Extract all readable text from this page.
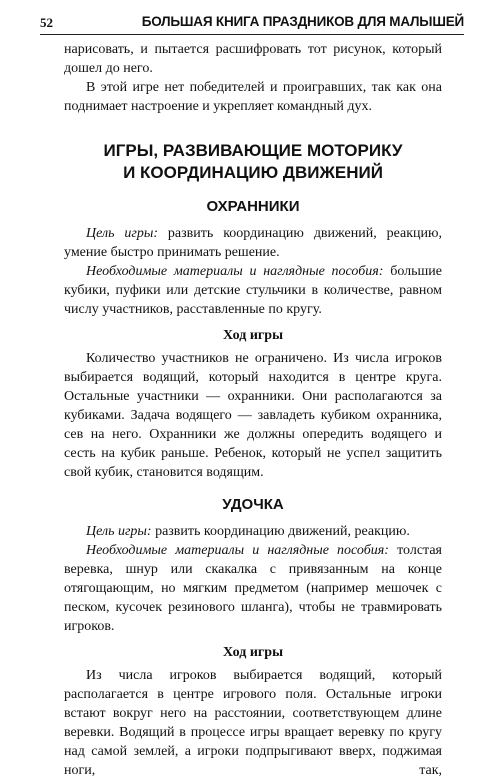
52	БОЛЬШАЯ КНИГА ПРАЗДНИКОВ ДЛЯ МАЛЫШЕЙ

нарисовать, и пытается расшифровать тот рисунок, который дошел до него.

В этой игре нет победителей и проигравших, так как она поднимает настроение и укрепляет командный дух.

ИГРЫ, РАЗВИВАЮЩИЕ МОТОРИКУ
И КООРДИНАЦИЮ ДВИЖЕНИЙ
ОХРАННИКИ

Цель игры: развить координацию движений, реакцию, умение быстро принимать решение.

Необходимые материалы и наглядные пособия: большие кубики, пуфики или детские стульчики в количестве, равном числу участников, расставленные по кругу.

Ход игры

Количество участников не ограничено. Из числа игроков выбирается водящий, который находится в центре круга. Остальные участники — охранники. Они располагаются за кубиками. Задача водящего — завладеть кубиком охранника, сев на него. Охранники же должны опередить водящего и сесть на кубик раньше. Ребенок, который не успел защитить свой кубик, становится водящим.

УДОЧКА

Цель игры: развить координацию движений, реакцию.

Необходимые материалы и наглядные пособия: толстая веревка, шнур или скакалка с привязанным на конце отягощающим, но мягким предметом (например мешочек с песком, кусочек резинового шланга), чтобы не травмировать игроков.

Ход игры

Из числа игроков выбирается водящий, который располагается в центре игрового поля. Остальные игроки встают вокруг него на расстоянии, соответствующем длине веревки. Водящий в процессе игры вращает веревку по кругу над самой землей, а игроки подпрыгивают вверх, поджимая ноги, так,
